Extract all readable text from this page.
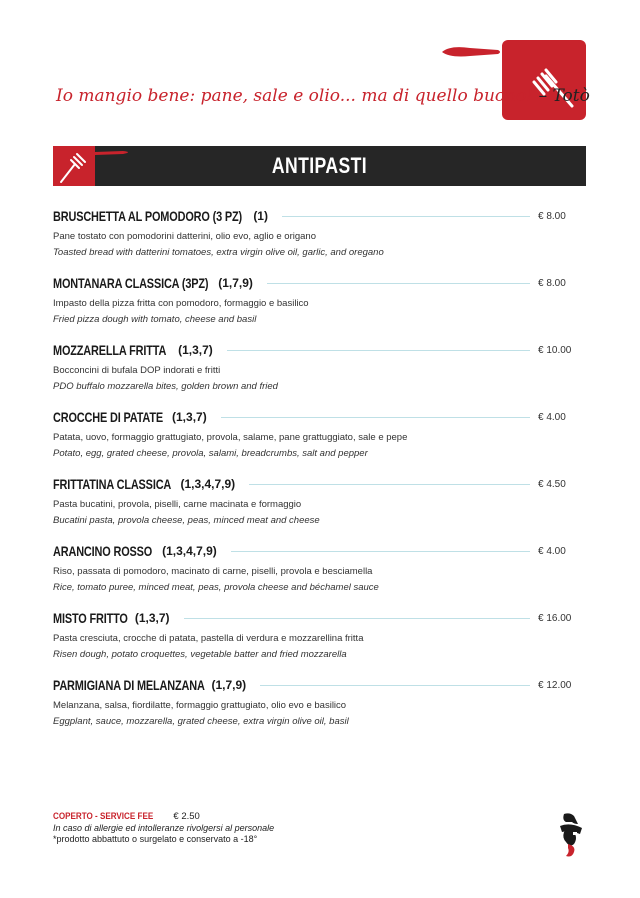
Io mangio bene: pane, sale e olio... ma di quello buono! – Totò
ANTIPASTI
BRUSCHETTA AL POMODORO (3 PZ) (1)	€ 8.00
Pane tostato con pomodorini datterini, olio evo, aglio e origano
Toasted bread with datterini tomatoes, extra virgin olive oil, garlic, and oregano
MONTANARA CLASSICA (3PZ) (1,7,9)	€ 8.00
Impasto della pizza fritta con pomodoro, formaggio e basilico
Fried pizza dough with tomato, cheese and basil
MOZZARELLA FRITTA (1,3,7)	€ 10.00
Bocconcini di bufala DOP indorati e fritti
PDO buffalo mozzarella bites, golden brown and fried
CROCCHE DI PATATE (1,3,7)	€ 4.00
Patata, uovo, formaggio grattugiato, provola, salame, pane grattuggiato, sale e pepe
Potato, egg, grated cheese, provola, salami, breadcrumbs, salt and pepper
FRITTATINA CLASSICA (1,3,4,7,9)	€ 4.50
Pasta bucatini, provola, piselli, carne macinata e formaggio
Bucatini pasta, provola cheese, peas, minced meat and cheese
ARANCINO ROSSO (1,3,4,7,9)	€ 4.00
Riso, passata di pomodoro, macinato di carne, piselli, provola e besciamella
Rice, tomato puree, minced meat, peas, provola cheese and béchamel sauce
MISTO FRITTO (1,3,7)	€ 16.00
Pasta cresciuta, crocche di patata, pastella di verdura e mozzarellina fritta
Risen dough, potato croquettes, vegetable batter and fried mozzarella
PARMIGIANA DI MELANZANA (1,7,9)	€ 12.00
Melanzana, salsa, fiordilatte, formaggio grattugiato, olio evo e basilico
Eggplant, sauce, mozzarella, grated cheese, extra virgin olive oil, basil
COPERTO - SERVICE FEE € 2.50
In caso di allergie ed intolleranze rivolgersi al personale
*prodotto abbattuto o surgelato e conservato a -18°
